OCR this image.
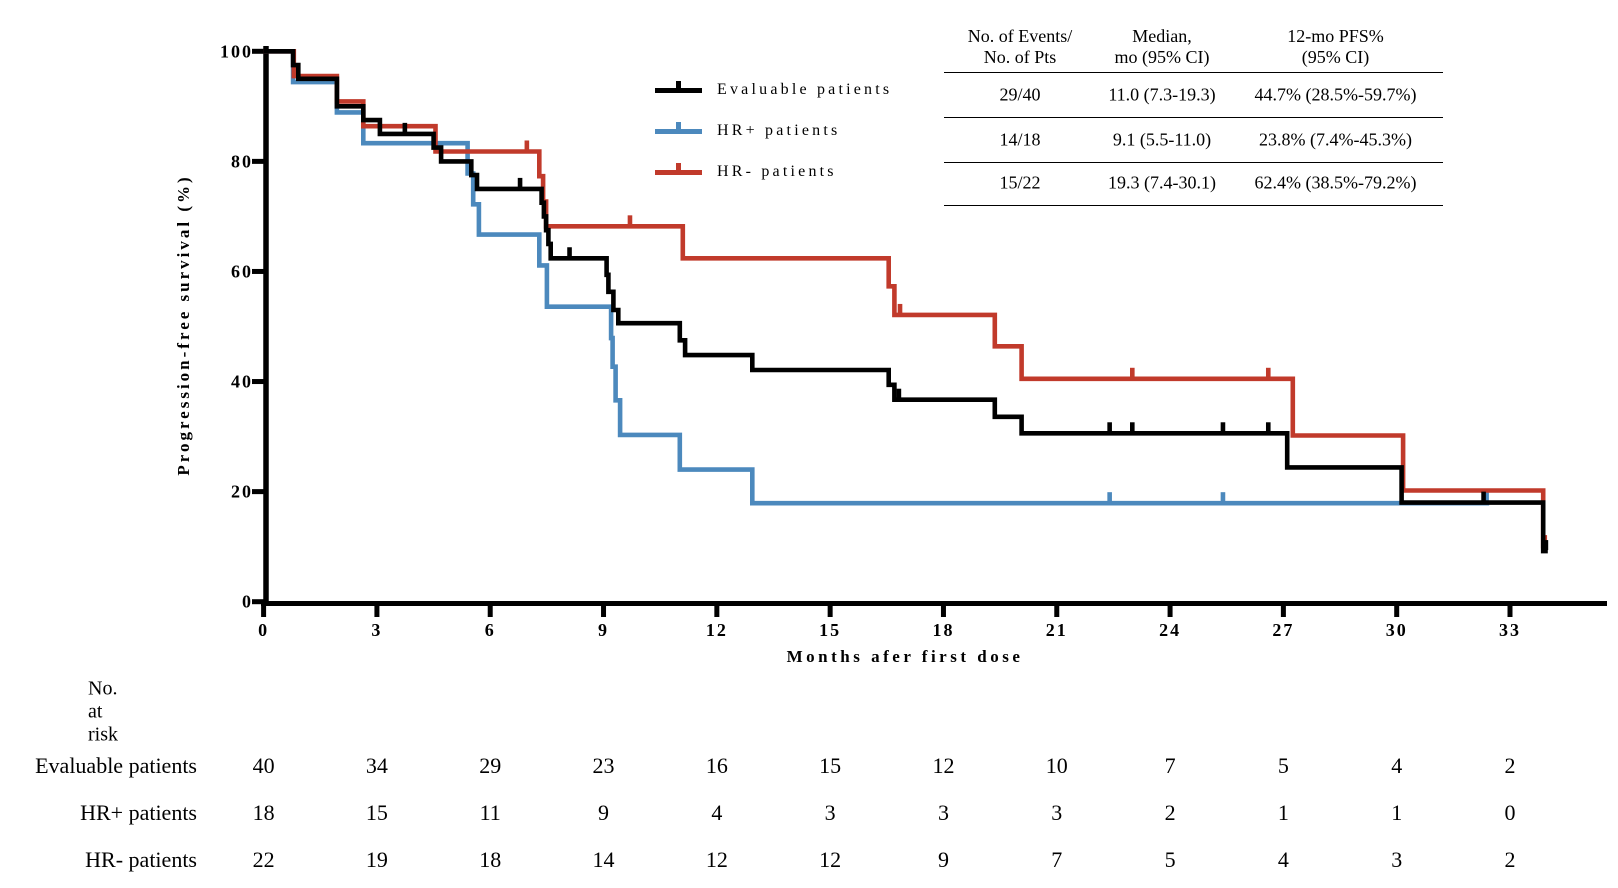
0
20
40
60
80
100
0	3	6	9	12	15	18	21	24	27	30	33
Progression-free survival (%)
Months afer first dose
Evaluable patients
HR+ patients
HR- patients
No. of Events/
No. of Pts
Median,
mo (95% CI)
12-mo PFS%
(95% CI)
29/40	11.0 (7.3-19.3)	44.7% (28.5%-59.7%)
14/18	9.1 (5.5-11.0)	23.8% (7.4%-45.3%)
15/22	19.3 (7.4-30.1)	62.4% (38.5%-79.2%)
No. at risk
Evaluable patients	40	34	29	23	16	15	12	10	7	5	4	2
HR+ patients	18	15	11	9	4	3	3	3	2	1	1	0
HR- patients	22	19	18	14	12	12	9	7	5	4	3	2
